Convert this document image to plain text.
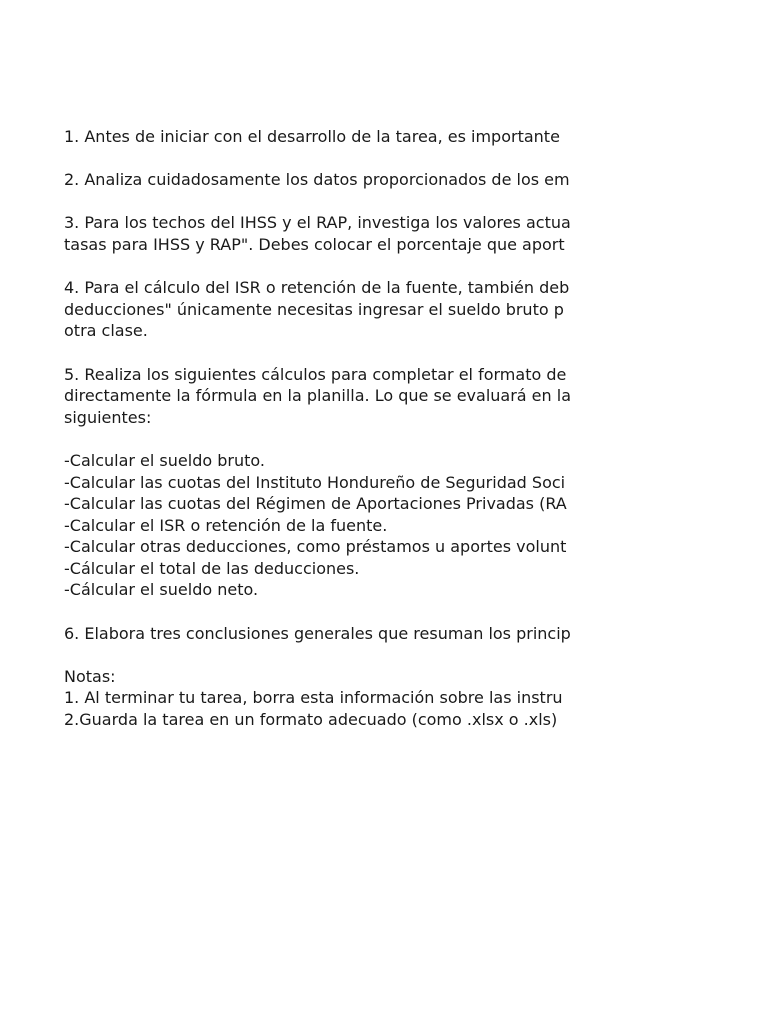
1. Antes de iniciar con el desarrollo de la tarea, es importante
2. Analiza cuidadosamente los datos proporcionados de los em
3. Para los techos del IHSS y el RAP, investiga los valores actua
tasas para IHSS y RAP". Debes colocar el porcentaje que aport
4. Para el cálculo del ISR o retención de la fuente, también deb
deducciones" únicamente necesitas ingresar el sueldo bruto p
otra clase.
5. Realiza los siguientes cálculos para completar el formato de
directamente la fórmula en la planilla. Lo que se evaluará en la
siguientes:
-Calcular el sueldo bruto.
-Calcular las cuotas del Instituto Hondureño de Seguridad Soci
-Calcular las cuotas del Régimen de Aportaciones Privadas (RA
-Calcular el ISR o retención de la fuente.
-Calcular otras deducciones, como préstamos u aportes volunt
-Cálcular el total de las deducciones.
-Cálcular el sueldo neto.
6. Elabora tres conclusiones generales que resuman los princip
Notas:
1. Al terminar tu tarea, borra esta información sobre las instru
2.Guarda la tarea en un formato adecuado (como .xlsx o .xls)
